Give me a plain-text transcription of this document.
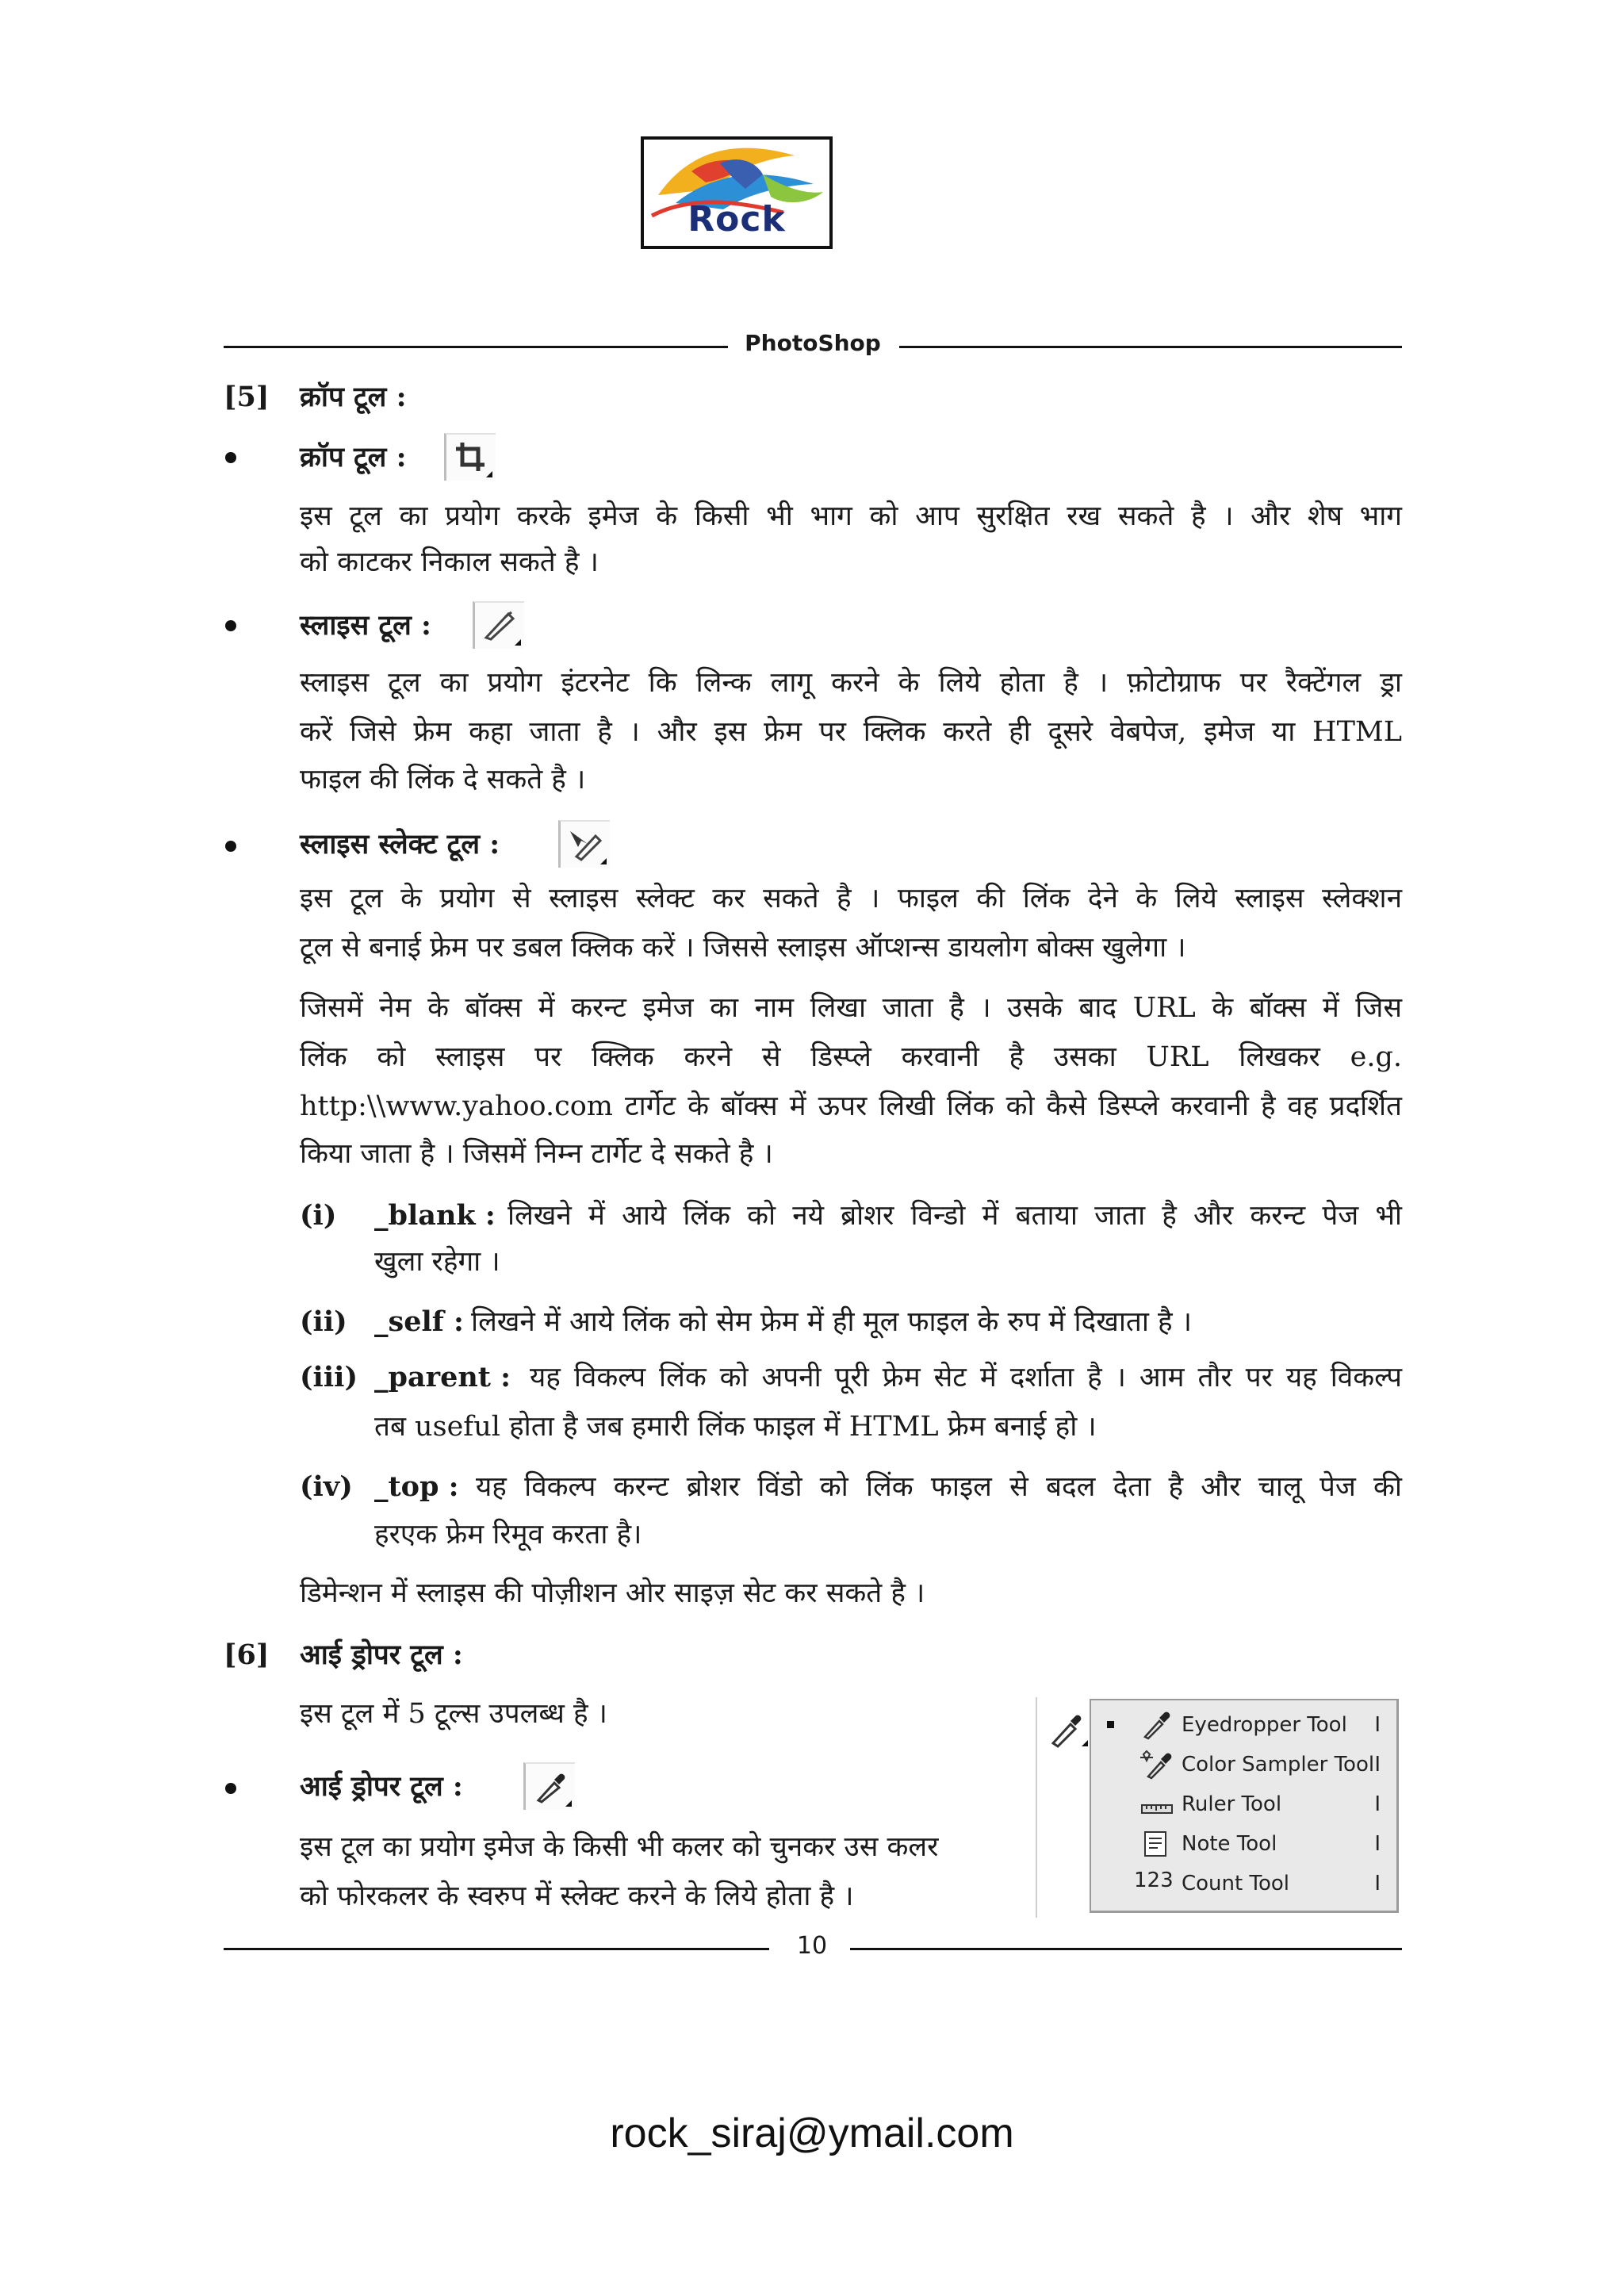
Rock
PhotoShop
[5] क्रॉप टूल :
क्रॉप टूल :
इस टूल का प्रयोग करके इमेज के किसी भी भाग को आप सुरक्षित रख सकते है । और शेष भाग
को काटकर निकाल सकते है ।
स्लाइस टूल :
स्लाइस टूल का प्रयोग इंटरनेट कि लिन्क लागू करने के लिये होता है । फ़ोटोग्राफ पर रैक्टेंगल ड्रा
करें जिसे फ्रेम कहा जाता है । और इस फ्रेम पर क्लिक करते ही दूसरे वेबपेज, इमेज या HTML
फाइल की लिंक दे सकते है ।
स्लाइस स्लेक्ट टूल :
इस टूल के प्रयोग से स्लाइस स्लेक्ट कर सकते है । फाइल की लिंक देने के लिये स्लाइस स्लेक्शन
टूल से बनाई फ्रेम पर डबल क्लिक करें । जिससे स्लाइस ऑप्शन्स डायलोग बोक्स खुलेगा ।
जिसमें नेम के बॉक्स में करन्ट इमेज का नाम लिखा जाता है । उसके बाद URL के बॉक्स में जिस
लिंक को स्लाइस पर क्लिक करने से डिस्प्ले करवानी है उसका URL लिखकर e.g.
http:\\www.yahoo.com टार्गेट के बॉक्स में ऊपर लिखी लिंक को कैसे डिस्प्ले करवानी है वह प्रदर्शित
किया जाता है । जिसमें निम्न टार्गेट दे सकते है ।
(i) _blank : लिखने में आये लिंक को नये ब्रोशर विन्डो में बताया जाता है और करन्ट पेज भी
खुला रहेगा ।
(ii) _self : लिखने में आये लिंक को सेम फ्रेम में ही मूल फाइल के रुप में दिखाता है ।
(iii) _parent : यह विकल्प लिंक को अपनी पूरी फ्रेम सेट में दर्शाता है । आम तौर पर यह विकल्प
तब useful होता है जब हमारी लिंक फाइल में HTML फ्रेम बनाई हो ।
(iv) _top : यह विकल्प करन्ट ब्रोशर विंडो को लिंक फाइल से बदल देता है और चालू पेज की
हरएक फ्रेम रिमूव करता है।
डिमेन्शन में स्लाइस की पोज़ीशन ओर साइज़ सेट कर सकते है ।
[6] आई ड्रोपर टूल :
इस टूल में 5 टूल्स उपलब्ध है ।
आई ड्रोपर टूल :
इस टूल का प्रयोग इमेज के किसी भी कलर को चुनकर उस कलर
को फोरकलर के स्वरुप में स्लेक्ट करने के लिये होता है ।
Eyedropper Tool I
Color Sampler Tool I
Ruler Tool	I
Note Tool	I
123 Count Tool	I
10
rock_siraj@ymail.com
